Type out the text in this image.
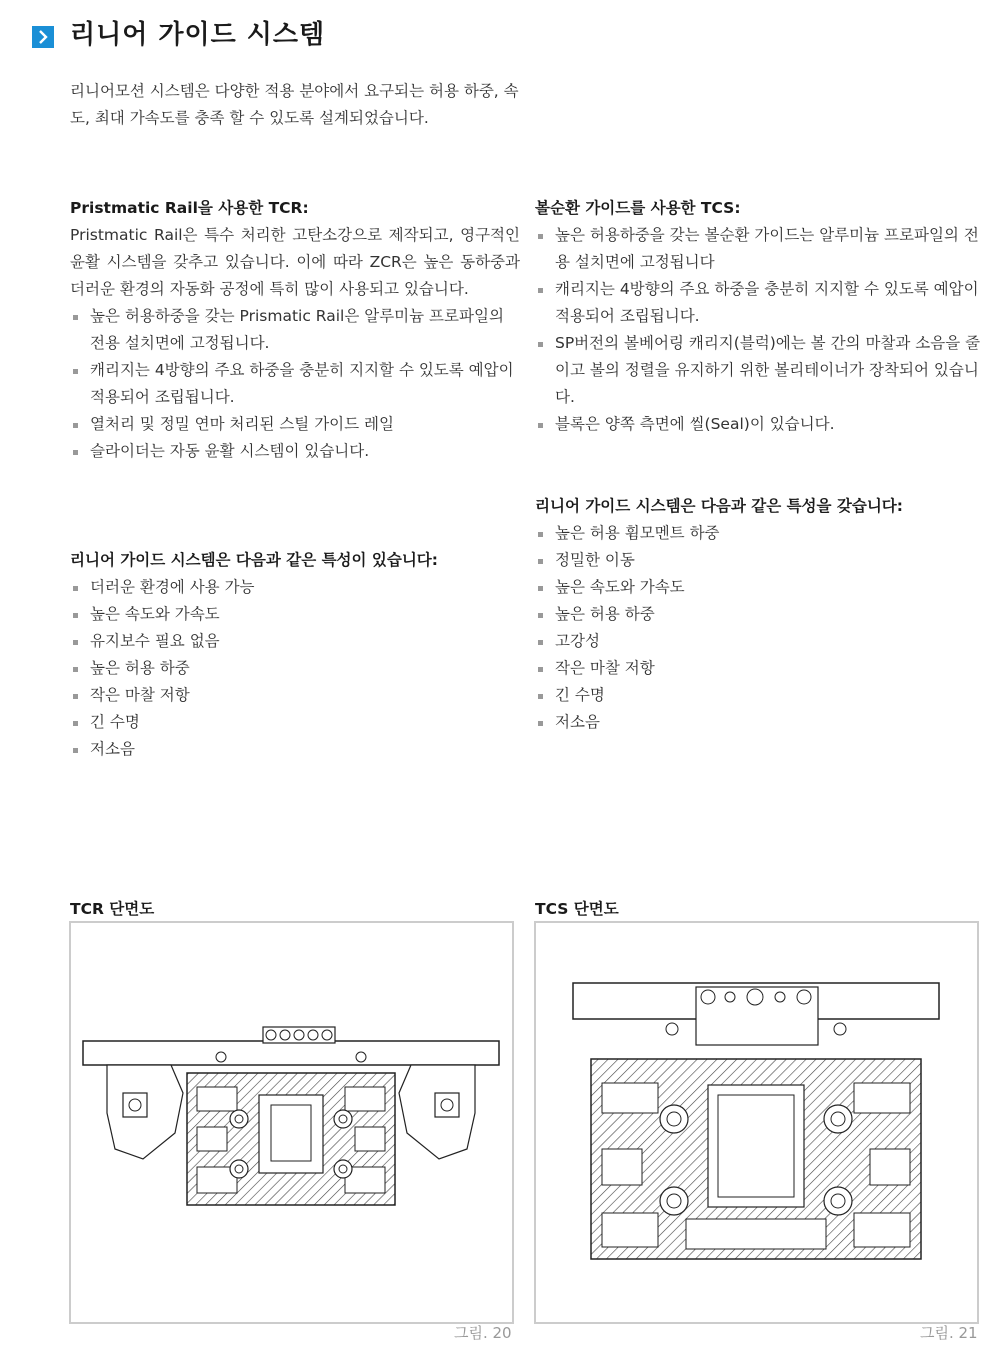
리니어 가이드 시스템
리니어모션 시스템은 다양한 적용 분야에서 요구되는 허용 하중, 속도, 최대 가속도를 충족 할 수 있도록 설계되었습니다.
Pristmatic Rail을 사용한 TCR:

Pristmatic Rail은 특수 처리한 고탄소강으로 제작되고, 영구적인 윤활 시스템을 갖추고 있습니다. 이에 따라 ZCR은 높은 동하중과 더러운 환경의 자동화 공정에 특히 많이 사용되고 있습니다.

높은 허용하중을 갖는 Prismatic Rail은 알루미늄 프로파일의 전용 설치면에 고정됩니다.
캐리지는 4방향의 주요 하중을 충분히 지지할 수 있도록 예압이 적용되어 조립됩니다.
열처리 및 정밀 연마 처리된 스틸 가이드 레일
슬라이더는 자동 윤활 시스템이 있습니다.
리니어 가이드 시스템은 다음과 같은 특성이 있습니다:
더러운 환경에 사용 가능
높은 속도와 가속도
유지보수 필요 없음
높은 허용 하중
작은 마찰 저항
긴 수명
저소음
볼순환 가이드를 사용한 TCS:
높은 허용하중을 갖는 볼순환 가이드는 알루미늄 프로파일의 전용 설치면에 고정됩니다
캐리지는 4방향의 주요 하중을 충분히 지지할 수 있도록 예압이 적용되어 조립됩니다.
SP버전의 볼베어링 캐리지(블럭)에는 볼 간의 마찰과 소음을 줄이고 볼의 정렬을 유지하기 위한 볼리테이너가 장착되어 있습니다.
블록은 양쪽 측면에 씰(Seal)이 있습니다.
리니어 가이드 시스템은 다음과 같은 특성을 갖습니다:
높은 허용 휨모멘트 하중
정밀한 이동
높은 속도와 가속도
높은 허용 하중
고강성
작은 마찰 저항
긴 수명
저소음
TCR 단면도
그림. 20
TCS 단면도
그림. 21
